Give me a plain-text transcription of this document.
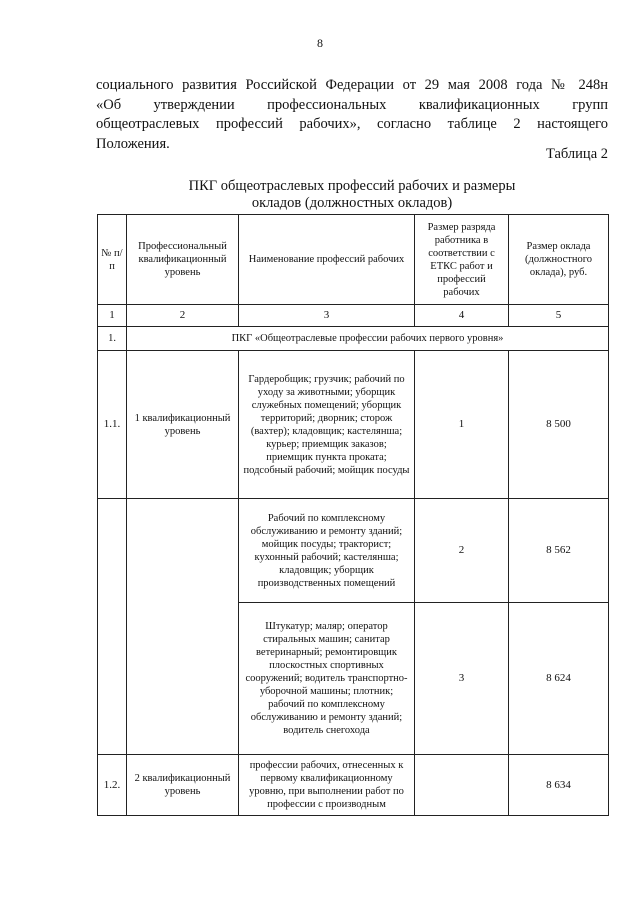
8
социального развития Российской Федерации от 29 мая 2008 года № 248н
«Об утверждении профессиональных квалификационных групп
общеотраслевых профессий рабочих», согласно таблице 2 настоящего
Положения.
Таблица 2
ПКГ общеотраслевых профессий рабочих и размеры
окладов (должностных окладов)
№ п/п	Профессиональный квалификационный уровень	Наименование профессий рабочих	Размер разряда работника в соответствии с ЕТКС работ и профессий рабочих	Размер оклада (должностного оклада), руб.
1	2	3	4	5
1.	ПКГ «Общеотраслевые профессии рабочих первого уровня»			
1.1.	1 квалификационный уровень	Гардеробщик; грузчик; рабочий по уходу за животными; уборщик служебных помещений; уборщик территорий; дворник; сторож (вахтер); кладовщик; кастелянша; курьер; приемщик заказов; приемщик пункта проката; подсобный рабочий; мойщик посуды	1	8 500
		Рабочий по комплексному обслуживанию и ремонту зданий; мойщик посуды; тракторист; кухонный рабочий; кастелянша; кладовщик; уборщик производственных помещений	2	8 562
		Штукатур; маляр; оператор стиральных машин; санитар ветеринарный; ремонтировщик плоскостных спортивных сооружений; водитель транспортно-уборочной машины; плотник; рабочий по комплексному обслуживанию и ремонту зданий; водитель снегохода	3	8 624
1.2.	2 квалификационный уровень	профессии рабочих, отнесенных к первому квалификационному уровню, при выполнении работ по профессии с производным		8 634
